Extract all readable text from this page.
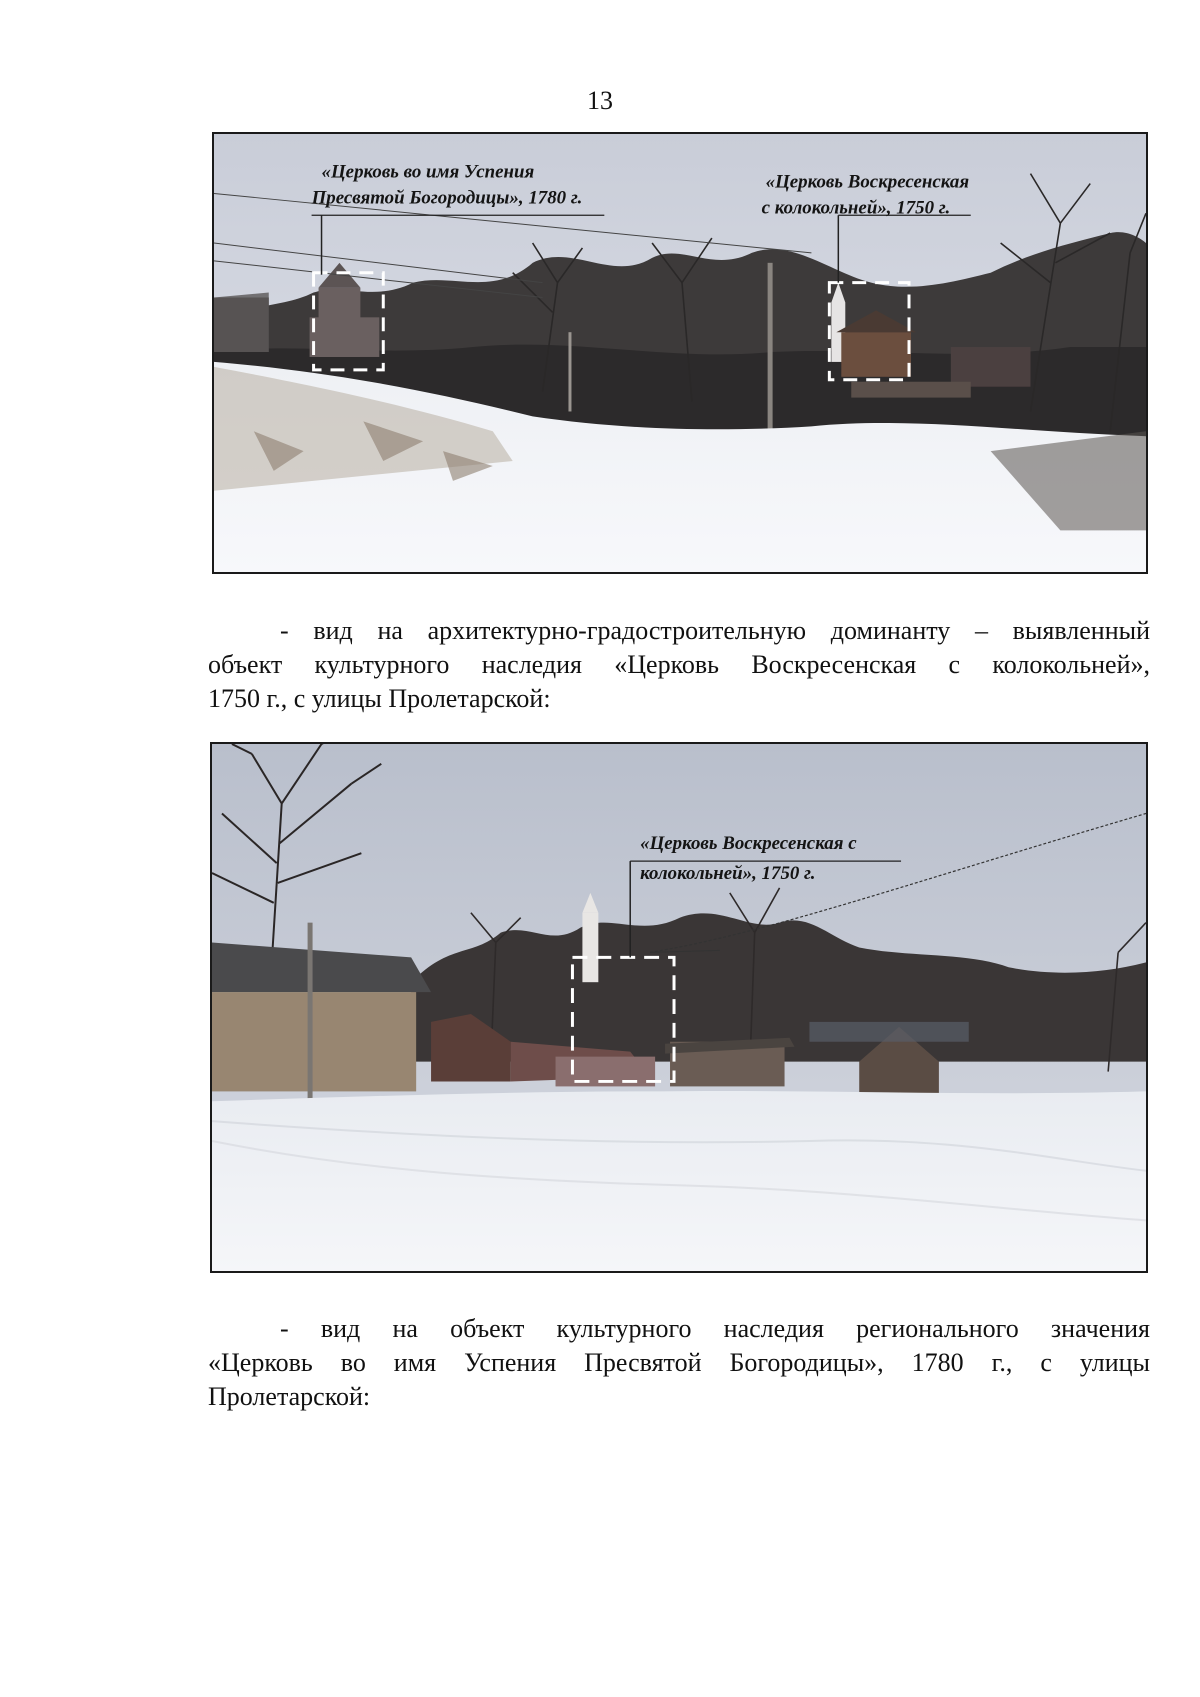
13
«Церковь во имя Успения
Пресвятой Богородицы», 1780 г.
«Церковь Воскресенская
с колокольней», 1750 г.
- вид на архитектурно-градостроительную доминанту – выявленный
объект культурного наследия «Церковь Воскресенская с колокольней»,
1750 г., с улицы Пролетарской:
«Церковь Воскресенская с
колокольней», 1750 г.
- вид на объект культурного наследия регионального значения
«Церковь во имя Успения Пресвятой Богородицы», 1780 г., с улицы
Пролетарской:
